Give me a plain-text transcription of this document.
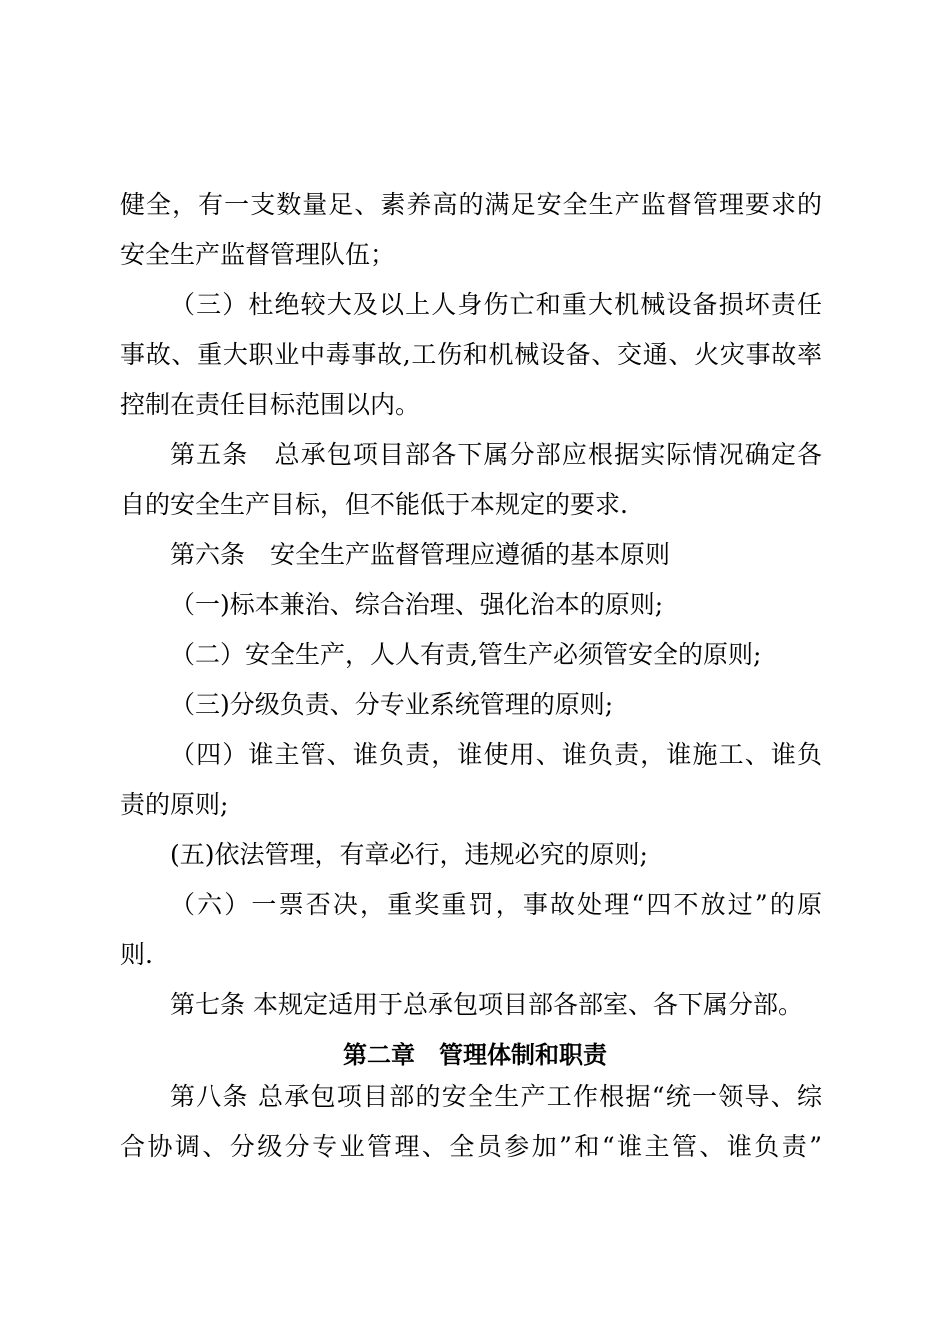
健全，有一支数量足、素养高的满足安全生产监督管理要求的
安全生产监督管理队伍；
（三）杜绝较大及以上人身伤亡和重大机械设备损坏责任
事故、重大职业中毒事故,工伤和机械设备、交通、火灾事故率
控制在责任目标范围以内。
第五条　总承包项目部各下属分部应根据实际情况确定各
自的安全生产目标，但不能低于本规定的要求.
第六条　安全生产监督管理应遵循的基本原则
（一)标本兼治、综合治理、强化治本的原则;
（二）安全生产，人人有责,管生产必须管安全的原则;
（三)分级负责、分专业系统管理的原则;
（四）谁主管、谁负责，谁使用、谁负责，谁施工、谁负
责的原则;
(五)依法管理，有章必行，违规必究的原则;
（六）一票否决，重奖重罚，事故处理“四不放过”的原
则.
第七条 本规定适用于总承包项目部各部室、各下属分部。
第二章　管理体制和职责
第八条 总承包项目部的安全生产工作根据“统一领导、综
合协调、分级分专业管理、全员参加”和“谁主管、谁负责”
